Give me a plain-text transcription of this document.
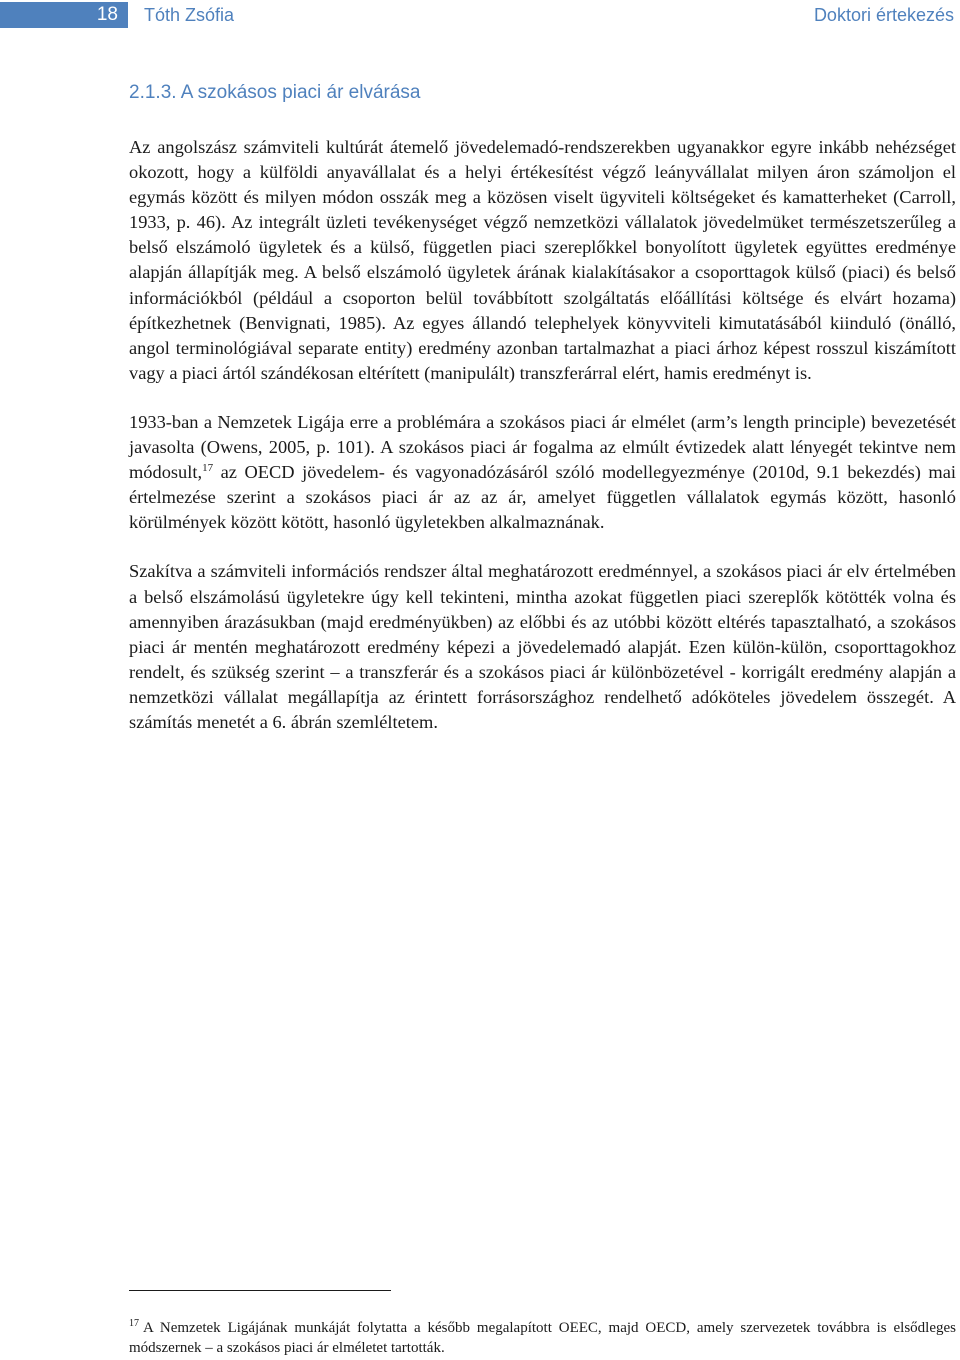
18	Tóth Zsófia	Doktori értekezés
2.1.3. A szokásos piaci ár elvárása

Az angolszász számviteli kultúrát átemelő jövedelemadó-rendszerekben ugyanakkor egyre inkább nehézséget okozott, hogy a külföldi anyavállalat és a helyi értékesítést végző leányvállalat milyen áron számoljon el egymás között és milyen módon osszák meg a közösen viselt ügyviteli költségeket és kamatterheket (Carroll, 1933, p. 46). Az integrált üzleti tevékenységet végző nemzetközi vállalatok jövedelmüket természetszerűleg a belső elszámoló ügyletek és a külső, független piaci szereplőkkel bonyolított ügyletek együttes eredménye alapján állapítják meg. A belső elszámoló ügyletek árának kialakításakor a csoporttagok külső (piaci) és belső információkból (például a csoporton belül továbbított szolgáltatás előállítási költsége és elvárt hozama) építkezhetnek (Benvignati, 1985). Az egyes állandó telephelyek könyvviteli kimutatásából kiinduló (önálló, angol terminológiával separate entity) eredmény azonban tartalmazhat a piaci árhoz képest rosszul kiszámított vagy a piaci ártól szándékosan eltérített (manipulált) transzferárral elért, hamis eredményt is.

1933-ban a Nemzetek Ligája erre a problémára a szokásos piaci ár elmélet (arm’s length principle) bevezetését javasolta (Owens, 2005, p. 101). A szokásos piaci ár fogalma az elmúlt évtizedek alatt lényegét tekintve nem módosult,$^{17}$ az OECD jövedelem- és vagyonadózásáról szóló modellegyezménye (2010d, 9.1 bekezdés) mai értelmezése szerint a szokásos piaci ár az az ár, amelyet független vállalatok egymás között, hasonló körülmények között kötött, hasonló ügyletekben alkalmaznának.

Szakítva a számviteli információs rendszer által meghatározott eredménnyel, a szokásos piaci ár elv értelmében a belső elszámolású ügyletekre úgy kell tekinteni, mintha azokat független piaci szereplők kötötték volna és amennyiben árazásukban (majd eredményükben) az előbbi és az utóbbi között eltérés tapasztalható, a szokásos piaci ár mentén meghatározott eredmény képezi a jövedelemadó alapját. Ezen külön-külön, csoporttagokhoz rendelt, és szükség szerint – a transzferár és a szokásos piaci ár különbözetével - korrigált eredmény alapján a nemzetközi vállalat megállapítja az érintett forrásországhoz rendelhető adóköteles jövedelem összegét. A számítás menetét a 6. ábrán szemléltetem.

$^{17}$ A Nemzetek Ligájának munkáját folytatta a később megalapított OEEC, majd OECD, amely szervezetek továbbra is elsődleges módszernek – a szokásos piaci ár elméletet tartották.
